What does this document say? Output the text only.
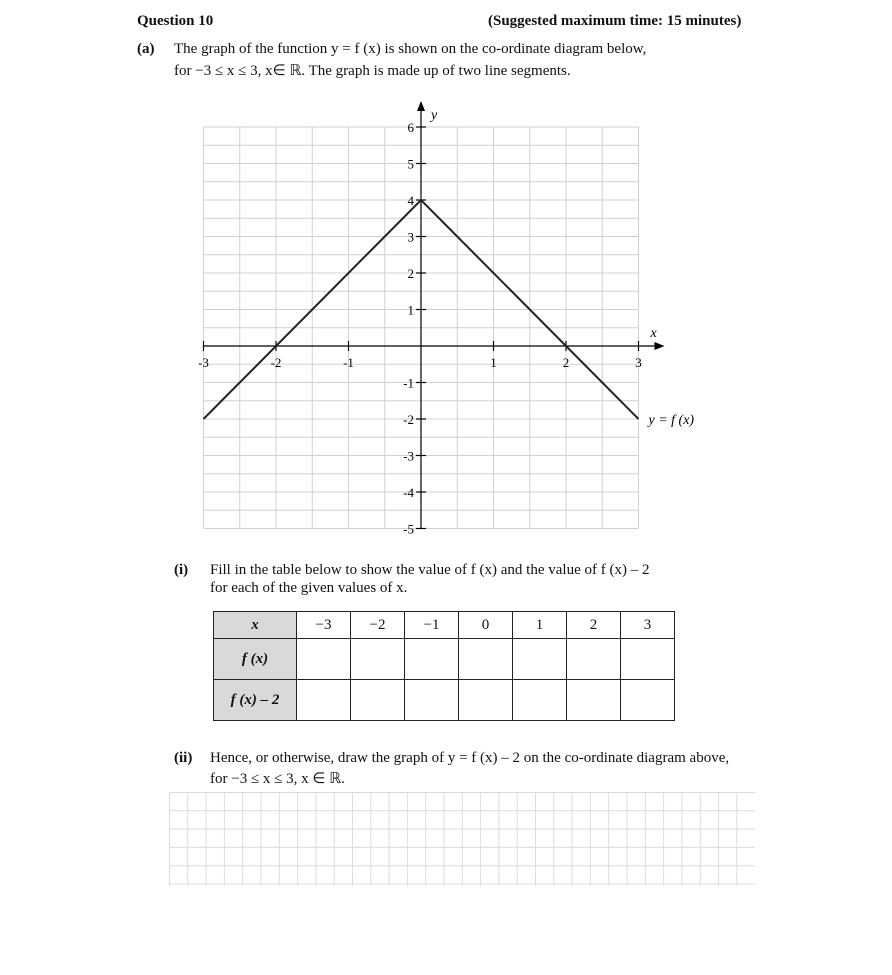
Question 10	(Suggested maximum time: 15 minutes)
(a) The graph of the function y = f (x) is shown on the co-ordinate diagram below,
for −3 ≤ x ≤ 3, x∈ ℝ. The graph is made up of two line segments.
x
y
-3	-2	-1	1	2	3
6
5
4
3
2
1
-1
-2
-3
-4
-5
y = f (x)
(i) Fill in the table below to show the value of f (x) and the value of f (x) – 2
for each of the given values of x.
x	−3	−2	−1	0	1	2	3
f (x)							
f (x) – 2							
(ii) Hence, or otherwise, draw the graph of y = f (x) – 2 on the co-ordinate diagram above,
for −3 ≤ x ≤ 3, x ∈ ℝ.
